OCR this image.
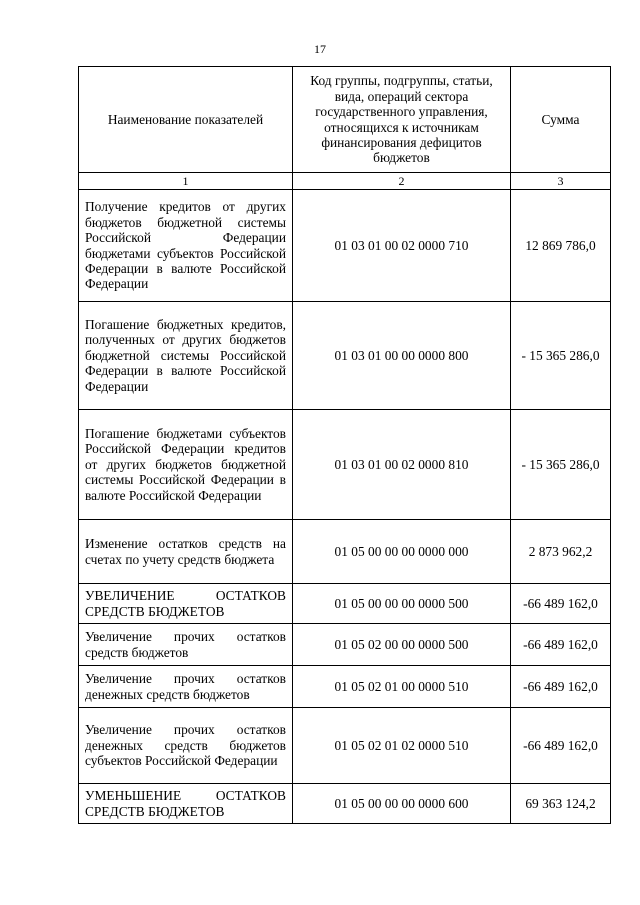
17
Наименование показателей	Код группы, подгруппы, статьи, вида, операций сектора государственного управления, относящихся к источникам финансирования дефицитов бюджетов	Сумма
1	2	3
Получение кредитов от других бюджетов бюджетной системы Российской Федерации бюджетами субъектов Российской Федерации в валюте Российской Федерации	01 03 01 00 02 0000 710	12 869 786,0
Погашение бюджетных кредитов, полученных от других бюджетов бюджетной системы Российской Федерации в валюте Российской Федерации	01 03 01 00 00 0000 800	- 15 365 286,0
Погашение бюджетами субъектов Российской Федерации кредитов от других бюджетов бюджетной системы Российской Федерации в валюте Российской Федерации	01 03 01 00 02 0000 810	- 15 365 286,0
Изменение остатков средств на счетах по учету средств бюджета	01 05 00 00 00 0000 000	2 873 962,2
УВЕЛИЧЕНИЕ ОСТАТКОВ СРЕДСТВ БЮДЖЕТОВ	01 05 00 00 00 0000 500	-66 489 162,0
Увеличение прочих остатков средств бюджетов	01 05 02 00 00 0000 500	-66 489 162,0
Увеличение прочих остатков денежных средств бюджетов	01 05 02 01 00 0000 510	-66 489 162,0
Увеличение прочих остатков денежных средств бюджетов субъектов Российской Федерации	01 05 02 01 02 0000 510	-66 489 162,0
УМЕНЬШЕНИЕ ОСТАТКОВ СРЕДСТВ БЮДЖЕТОВ	01 05 00 00 00 0000 600	69 363 124,2
